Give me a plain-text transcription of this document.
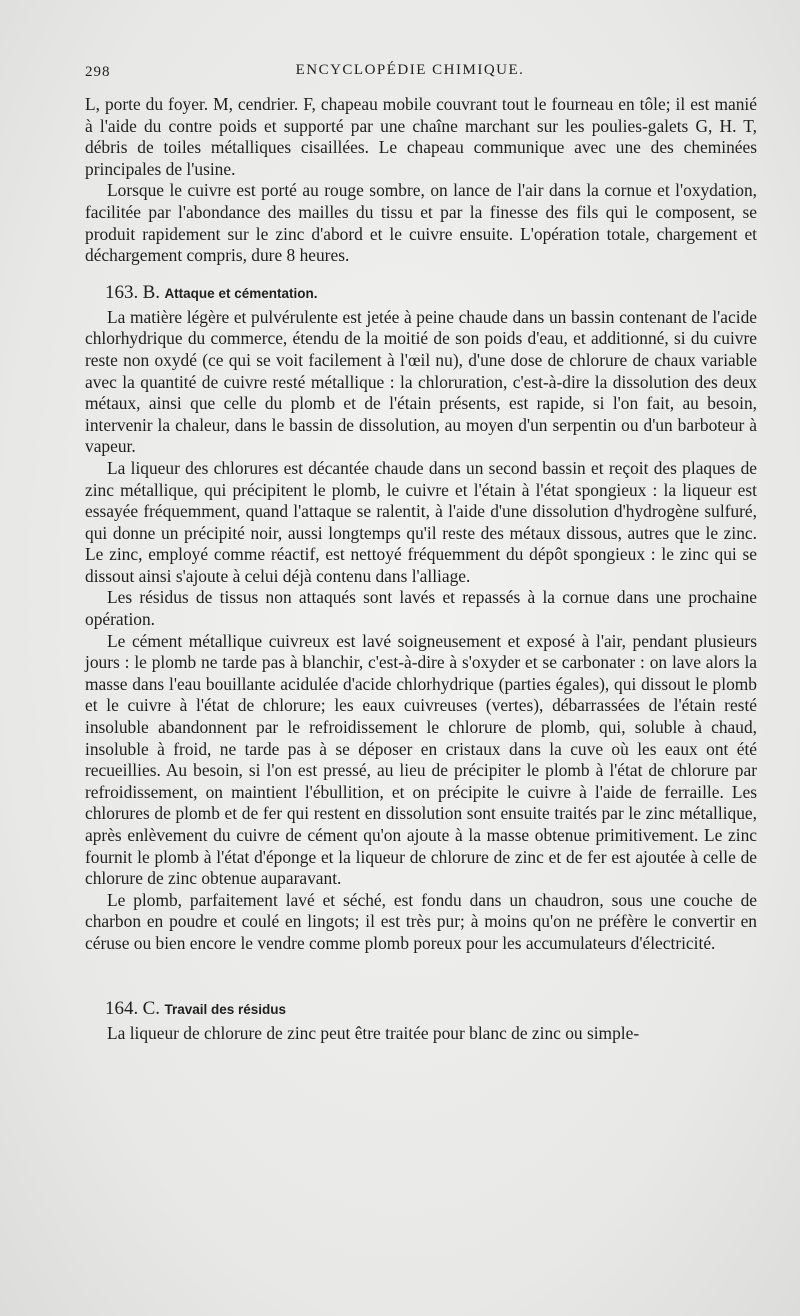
298	ENCYCLOPÉDIE CHIMIQUE.

L, porte du foyer. M, cendrier. F, chapeau mobile couvrant tout le fourneau en tôle; il est manié à l'aide du contre poids et supporté par une chaîne marchant sur les poulies-galets G, H. T, débris de toiles métalliques cisaillées. Le chapeau communique avec une des cheminées principales de l'usine.

Lorsque le cuivre est porté au rouge sombre, on lance de l'air dans la cornue et l'oxydation, facilitée par l'abondance des mailles du tissu et par la finesse des fils qui le composent, se produit rapidement sur le zinc d'abord et le cuivre ensuite. L'opération totale, chargement et déchargement compris, dure 8 heures.

163. B. Attaque et cémentation.

La matière légère et pulvérulente est jetée à peine chaude dans un bassin contenant de l'acide chlorhydrique du commerce, étendu de la moitié de son poids d'eau, et additionné, si du cuivre reste non oxydé (ce qui se voit facilement à l'œil nu), d'une dose de chlorure de chaux variable avec la quantité de cuivre resté métallique : la chloruration, c'est-à-dire la dissolution des deux métaux, ainsi que celle du plomb et de l'étain présents, est rapide, si l'on fait, au besoin, intervenir la chaleur, dans le bassin de dissolution, au moyen d'un serpentin ou d'un barboteur à vapeur.

La liqueur des chlorures est décantée chaude dans un second bassin et reçoit des plaques de zinc métallique, qui précipitent le plomb, le cuivre et l'étain à l'état spongieux : la liqueur est essayée fréquemment, quand l'attaque se ralentit, à l'aide d'une dissolution d'hydrogène sulfuré, qui donne un précipité noir, aussi longtemps qu'il reste des métaux dissous, autres que le zinc. Le zinc, employé comme réactif, est nettoyé fréquemment du dépôt spongieux : le zinc qui se dissout ainsi s'ajoute à celui déjà contenu dans l'alliage.

Les résidus de tissus non attaqués sont lavés et repassés à la cornue dans une prochaine opération.

Le cément métallique cuivreux est lavé soigneusement et exposé à l'air, pendant plusieurs jours : le plomb ne tarde pas à blanchir, c'est-à-dire à s'oxyder et se carbonater : on lave alors la masse dans l'eau bouillante acidulée d'acide chlorhydrique (parties égales), qui dissout le plomb et le cuivre à l'état de chlorure; les eaux cuivreuses (vertes), débarrassées de l'étain resté insoluble abandonnent par le refroidissement le chlorure de plomb, qui, soluble à chaud, insoluble à froid, ne tarde pas à se déposer en cristaux dans la cuve où les eaux ont été recueillies. Au besoin, si l'on est pressé, au lieu de précipiter le plomb à l'état de chlorure par refroidissement, on maintient l'ébullition, et on précipite le cuivre à l'aide de ferraille. Les chlorures de plomb et de fer qui restent en dissolution sont ensuite traités par le zinc métallique, après enlèvement du cuivre de cément qu'on ajoute à la masse obtenue primitivement. Le zinc fournit le plomb à l'état d'éponge et la liqueur de chlorure de zinc et de fer est ajoutée à celle de chlorure de zinc obtenue auparavant.

Le plomb, parfaitement lavé et séché, est fondu dans un chaudron, sous une couche de charbon en poudre et coulé en lingots; il est très pur; à moins qu'on ne préfère le convertir en céruse ou bien encore le vendre comme plomb poreux pour les accumulateurs d'électricité.

164. C. Travail des résidus

La liqueur de chlorure de zinc peut être traitée pour blanc de zinc ou simple-
